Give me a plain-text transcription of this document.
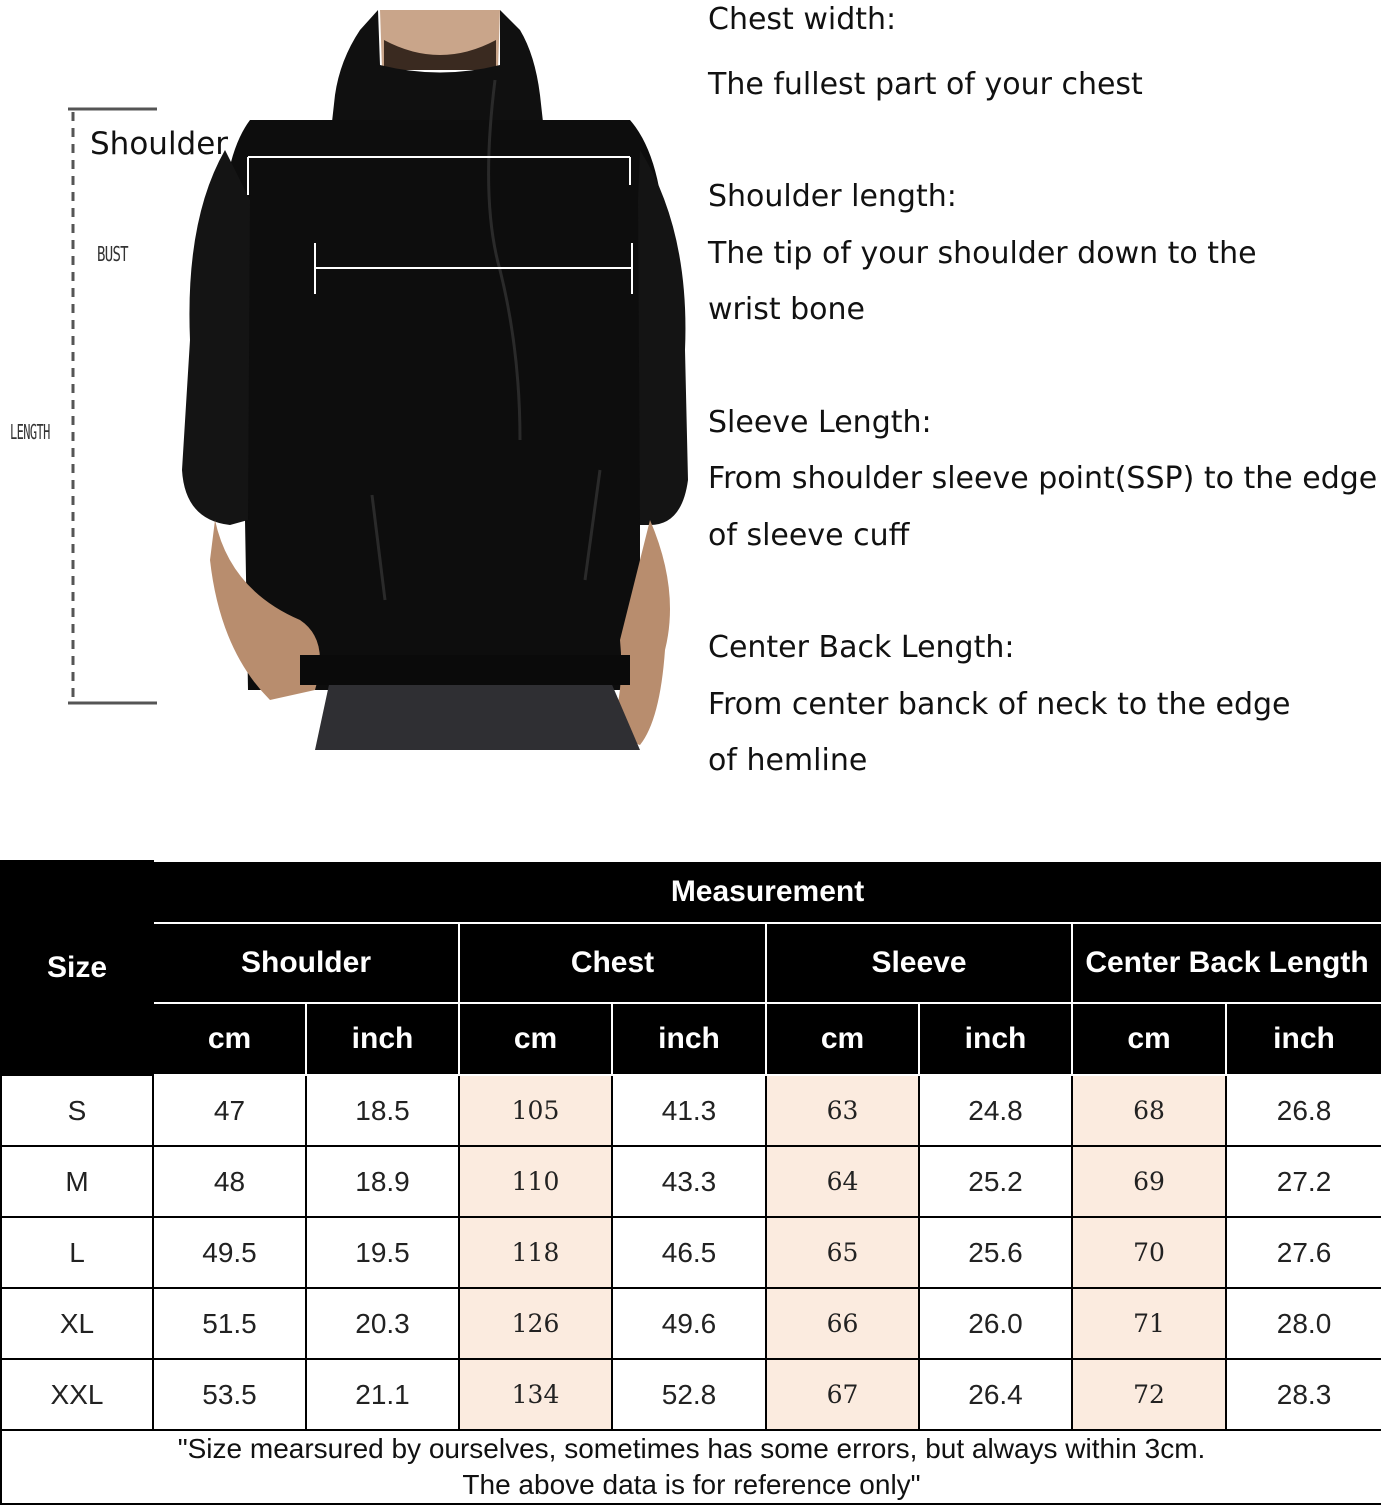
Shoulder
BUST
LENGTH
Chest width:
The fullest part of your chest
Shoulder length:
The tip of your shoulder down to the
wrist bone
Sleeve Length:
From shoulder sleeve point(SSP) to the edge
of sleeve cuff
Center Back Length:
From center banck of neck to the edge
of hemline
Size	Measurement							
	Shoulder		Chest		Sleeve		Center Back Length	
	cm	inch	cm	inch	cm	inch	cm	inch
S	47	18.5	105	41.3	63	24.8	68	26.8
M	48	18.9	110	43.3	64	25.2	69	27.2
L	49.5	19.5	118	46.5	65	25.6	70	27.6
XL	51.5	20.3	126	49.6	66	26.0	71	28.0
XXL	53.5	21.1	134	52.8	67	26.4	72	28.3

"Size mearsured by ourselves, sometimes has some errors, but always within 3cm.
The above data is for reference only"								
